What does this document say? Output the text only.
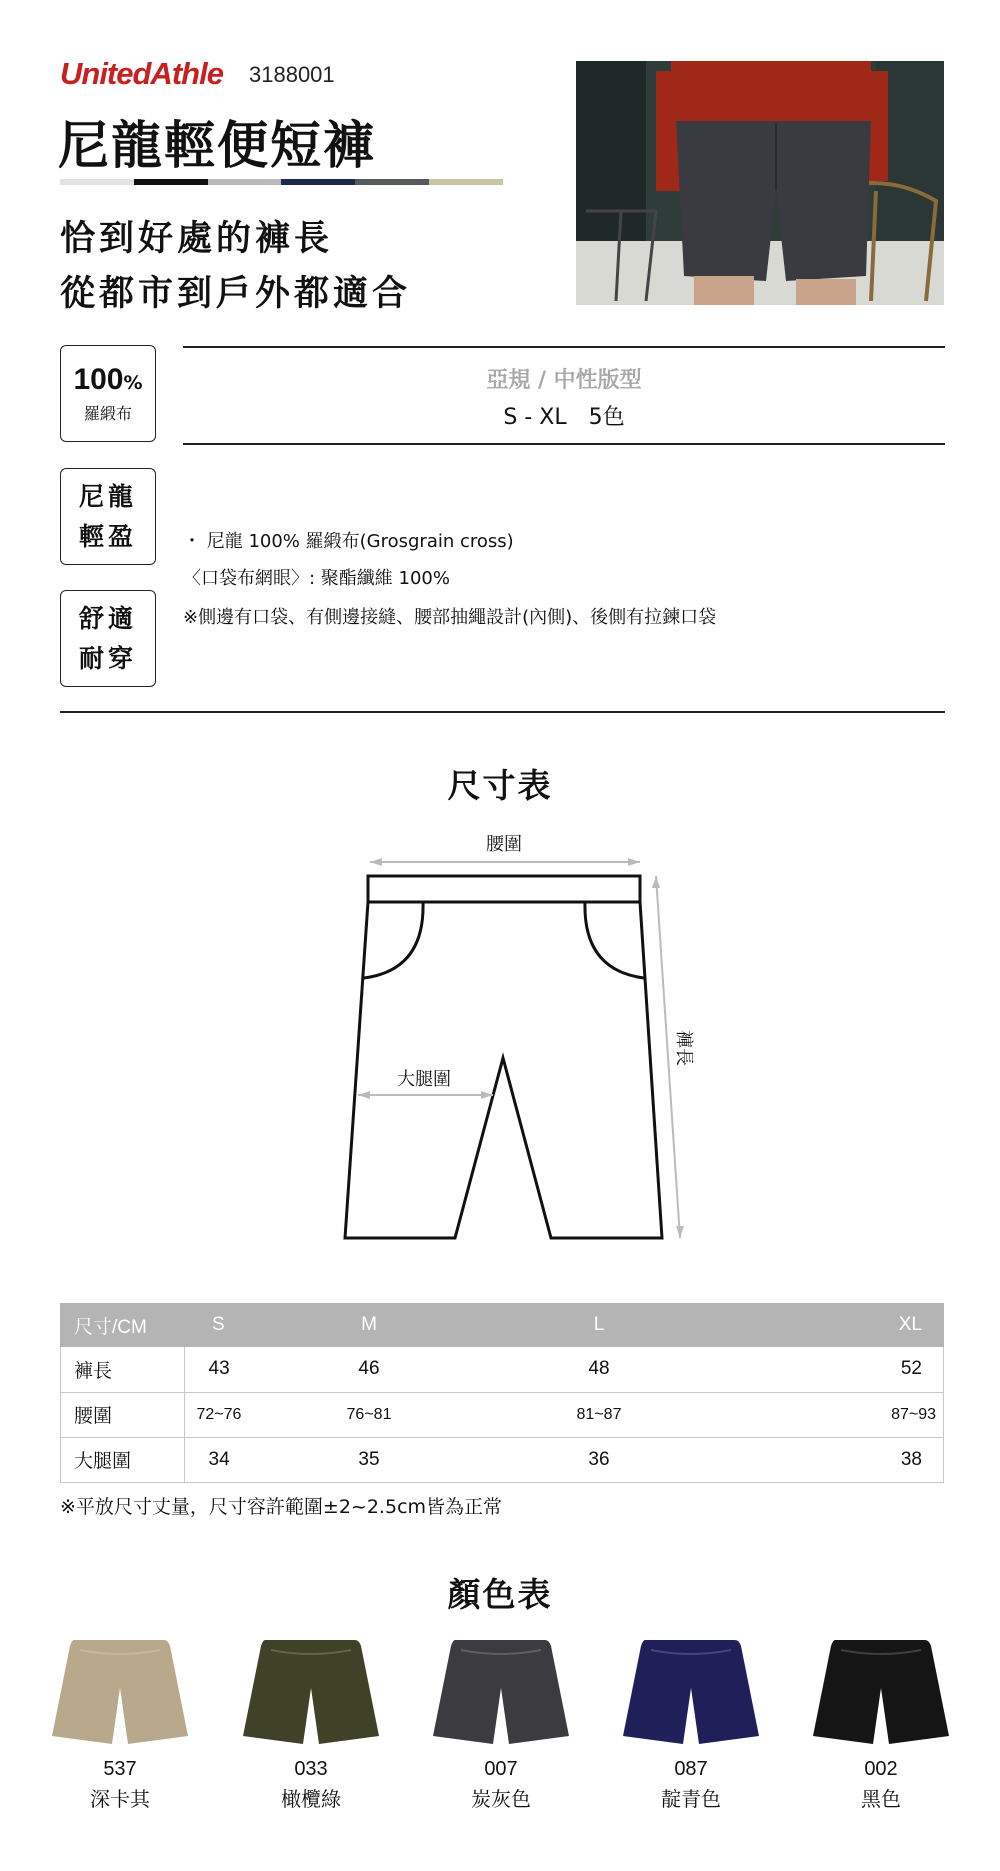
UnitedAthle 3188001
尼龍輕便短褲
恰到好處的褲長
從都市到戶外都適合
100%
羅緞布
亞規 / 中性版型
S - XL　5色
尼龍
輕盈
舒適
耐穿
・ 尼龍 100% 羅緞布(Grosgrain cross)
〈口袋布網眼〉: 聚酯纖維 100%
※側邊有口袋、有側邊接縫、腰部抽繩設計(內側)、後側有拉鍊口袋
尺寸表
腰圍
大腿圍
褲長
尺寸/CM	S	M	L	XL
褲長	43	46	48	52
腰圍	72~76	76~81	81~87	87~93
大腿圍	34	35	36	38
※平放尺寸丈量，尺寸容許範圍±2~2.5cm皆為正常
顏色表
537
深卡其
033
橄欖綠
007
炭灰色
087
靛青色
002
黑色
